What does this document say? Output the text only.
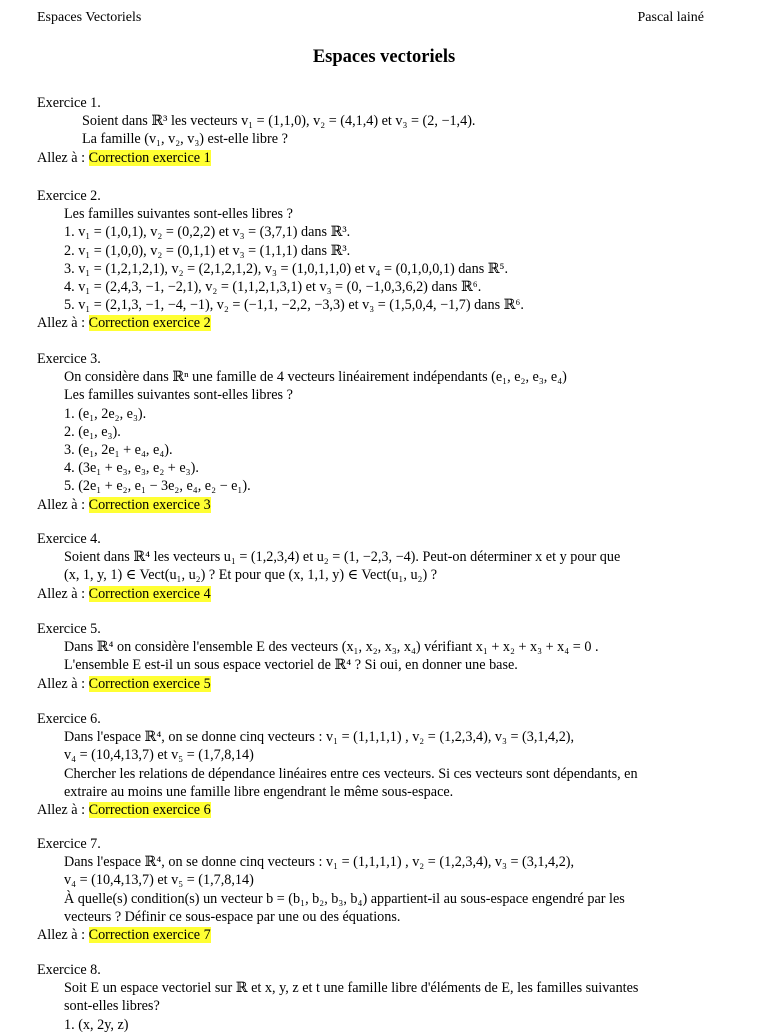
Espaces Vectoriels	Pascal lainé
Espaces vectoriels
Exercice 1.
Soient dans ℝ³ les vecteurs v₁ = (1,1,0), v₂ = (4,1,4) et v₃ = (2, −1,4).
La famille (v₁, v₂, v₃) est-elle libre ?
Allez à : Correction exercice 1
Exercice 2.
Les familles suivantes sont-elles libres ?
1. v₁ = (1,0,1), v₂ = (0,2,2) et v₃ = (3,7,1) dans ℝ³.
2. v₁ = (1,0,0), v₂ = (0,1,1) et v₃ = (1,1,1) dans ℝ³.
3. v₁ = (1,2,1,2,1), v₂ = (2,1,2,1,2), v₃ = (1,0,1,1,0) et v₄ = (0,1,0,0,1) dans ℝ⁵.
4. v₁ = (2,4,3, −1, −2,1), v₂ = (1,1,2,1,3,1) et v₃ = (0, −1,0,3,6,2) dans ℝ⁶.
5. v₁ = (2,1,3, −1, −4, −1), v₂ = (−1,1, −2,2, −3,3) et v₃ = (1,5,0,4, −1,7) dans ℝ⁶.
Allez à : Correction exercice 2
Exercice 3.
On considère dans ℝⁿ une famille de 4 vecteurs linéairement indépendants (e₁, e₂, e₃, e₄)
Les familles suivantes sont-elles libres ?
1. (e₁, 2e₂, e₃).
2. (e₁, e₃).
3. (e₁, 2e₁ + e₄, e₄).
4. (3e₁ + e₃, e₃, e₂ + e₃).
5. (2e₁ + e₂, e₁ − 3e₂, e₄, e₂ − e₁).
Allez à : Correction exercice 3
Exercice 4.
Soient dans ℝ⁴ les vecteurs u₁ = (1,2,3,4) et u₂ = (1, −2,3, −4). Peut-on déterminer x et y pour que
(x, 1, y, 1) ∈ Vect(u₁, u₂) ? Et pour que (x, 1,1, y) ∈ Vect(u₁, u₂) ?
Allez à : Correction exercice 4
Exercice 5.
Dans ℝ⁴ on considère l'ensemble E des vecteurs (x₁, x₂, x₃, x₄) vérifiant x₁ + x₂ + x₃ + x₄ = 0 .
L'ensemble E est-il un sous espace vectoriel de ℝ⁴ ? Si oui, en donner une base.
Allez à : Correction exercice 5
Exercice 6.
Dans l'espace ℝ⁴, on se donne cinq vecteurs : v₁ = (1,1,1,1) , v₂ = (1,2,3,4), v₃ = (3,1,4,2),
v₄ = (10,4,13,7) et v₅ = (1,7,8,14)
Chercher les relations de dépendance linéaires entre ces vecteurs. Si ces vecteurs sont dépendants, en
extraire au moins une famille libre engendrant le même sous-espace.
Allez à : Correction exercice 6
Exercice 7.
Dans l'espace ℝ⁴, on se donne cinq vecteurs : v₁ = (1,1,1,1) , v₂ = (1,2,3,4), v₃ = (3,1,4,2),
v₄ = (10,4,13,7) et v₅ = (1,7,8,14)
À quelle(s) condition(s) un vecteur b = (b₁, b₂, b₃, b₄) appartient-il au sous-espace engendré par les
vecteurs ? Définir ce sous-espace par une ou des équations.
Allez à : Correction exercice 7
Exercice 8.
Soit E un espace vectoriel sur ℝ et x, y, z et t une famille libre d'éléments de E, les familles suivantes
sont-elles libres?
1. (x, 2y, z)
